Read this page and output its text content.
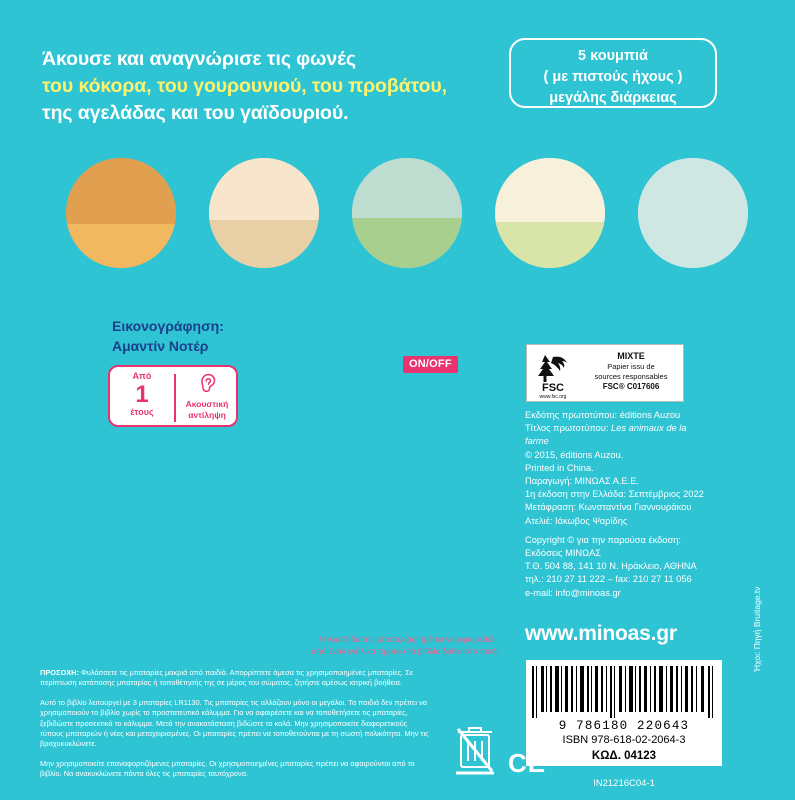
Άκουσε και αναγνώρισε τις φωνές
του κόκορα, του γουρουνιού, του προβάτου,
της αγελάδας και του γαϊδουριού.
5 κουμπιά
( με πιστούς ήχους )
μεγάλης διάρκειας
Εικονογράφηση:
Αμαντίν Νοτέρ
Από
1
έτους
Ακουστική
αντίληψη
ON/OFF
FSC
www.fsc.org
MIXTE
Papier issu de
sources responsables
FSC® C017606
Εκδότης πρωτοτύπου: éditions Auzou
Τίτλος πρωτοτύπου: Les animaux de la
farme
© 2015, éditions Auzou.
Printed in China.
Παραγωγή: ΜΙΝΩΑΣ Α.Ε.Ε.
1η έκδοση στην Ελλάδα: Σεπτέμβριος 2022
Μετάφραση: Κωνσταντίνα Γιαννουράκου
Ατελιέ: Ιάκωβος Ψαρίδης
Copyright © για την παρούσα έκδοση:
Εκδόσεις ΜΙΝΩΑΣ
Τ.Θ. 504 88, 141 10 Ν. Ηράκλειο, ΑΘΗΝΑ
τηλ.: 210 27 11 222 – fax: 210 27 11 056
e-mail: info@minoas.gr
www.minoas.gr
9 786180 220643
ISBN 978-618-02-2064-3
ΚΩΔ. 04123
IN21216C04-1
Ήχοι: Πηγή Bruitage.tv
Η γλωττίδα της μπαταρίας πρέπει να αφαιρεθεί
από έναν ενήλικα προτού το βιβλίο δοθεί στο παιδί.

ΠΡΟΣΟΧΗ: Φυλάσσετε τις μπαταρίες μακριά από παιδιά. Απορρίπτετε άμεσα τις χρησιμοποιημένες μπαταρίες. Σε περίπτωση κατάποσης μπαταρίας ή τοποθέτησής της σε μέρος του σώματος, ζητήστε αμέσως ιατρική βοήθεια.

Αυτό το βιβλίο λειτουργεί με 3 μπαταρίες LR1130. Τις μπαταρίες τις αλλάζουν μόνο οι μεγάλοι. Τα παιδιά δεν πρέπει να χρησιμοποιούν το βιβλίο χωρίς το προστατευτικό κάλυμμα. Για να αφαιρέσετε και να τοποθετήσετε τις μπαταρίες, ξεβιδώστε προσεκτικά το κάλυμμα. Μετά την ανακατάσταση βιδώστε το καλά. Μην χρησιμοποιείτε διαφορετικούς τύπους μπαταριών ή νέες και μεταχειρισμένες. Οι μπαταρίες πρέπει να τοποθετούνται με τη σωστή πολικότητα. Μην τις βραχυκυκλώνετε.

Μην χρησιμοποιείτε επαναφορτιζόμενες μπαταρίες. Οι χρησιμοποιημένες μπαταρίες πρέπει να αφαιρούνται από το βιβλίο. Να ανακυκλώνετε πάντα όλες τις μπαταρίες ταυτόχρονα.	CE
